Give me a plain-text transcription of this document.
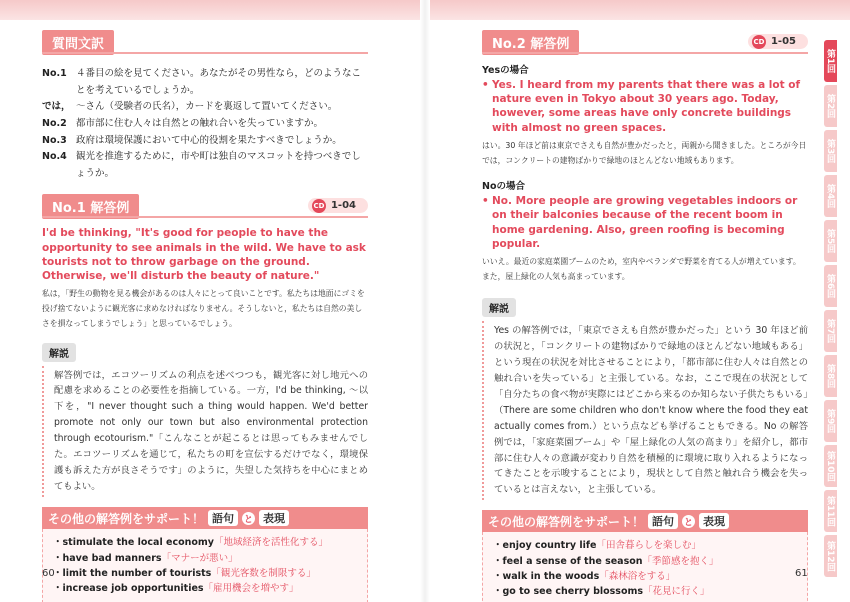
質問文訳
No.1 ４番目の絵を見てください。あなたがその男性なら，どのようなことを考えているでしょうか。
では， ～さん（受験者の氏名），カードを裏返して置いてください。
No.2 都市部に住む人々は自然との触れ合いを失っていますか。
No.3 政府は環境保護において中心的役割を果たすべきでしょうか。
No.4 観光を推進するために，市や町は独自のマスコットを持つべきでしょうか。
No.1 解答例	CD 1-04
I'd be thinking, "It's good for people to have the opportunity to see animals in the wild. We have to ask tourists not to throw garbage on the ground. Otherwise, we'll disturb the beauty of nature."
私は，「野生の動物を見る機会があるのは人々にとって良いことです。私たちは地面にゴミを投げ捨てないように観光客に求めなければなりません。そうしないと，私たちは自然の美しさを損なってしまうでしょう」と思っているでしょう。
解説
解答例では，エコツーリズムの利点を述べつつも，観光客に対し地元への配慮を求めることの必要性を指摘している。一方，I'd be thinking, ～以下を，"I never thought such a thing would happen. We'd better promote not only our town but also environmental protection through ecotourism."「こんなことが起こるとは思ってもみませんでした。エコツーリズムを通じて，私たちの町を宣伝するだけでなく，環境保護も訴えた方が良さそうです」のように，失望した気持ちを中心にまとめてもよい。
その他の解答例をサポート！ 語句	と 表現
・stimulate the local economy「地域経済を活性化する」
・have bad manners「マナーが悪い」
・limit the number of tourists「観光客数を制限する」
・increase job opportunities「雇用機会を増やす」
60
No.2 解答例	CD 1-05
Yesの場合
• Yes. I heard from my parents that there was a lot of nature even in Tokyo about 30 years ago. Today, however, some areas have only concrete buildings with almost no green spaces.
はい。30 年ほど前は東京でさえも自然が豊かだったと，両親から聞きました。ところが今日では，コンクリートの建物ばかりで緑地のほとんどない地域もあります。
Noの場合
• No. More people are growing vegetables indoors or on their balconies because of the recent boom in home gardening. Also, green roofing is becoming popular.
いいえ。最近の家庭菜園ブームのため，室内やベランダで野菜を育てる人が増えています。また，屋上緑化の人気も高まっています。
解説
Yes の解答例では，「東京でさえも自然が豊かだった」という 30 年ほど前の状況と，「コンクリートの建物ばかりで緑地のほとんどない地域もある」という現在の状況を対比させることにより，「都市部に住む人々は自然との触れ合いを失っている」と主張している。なお，ここで現在の状況として「自分たちの食べ物が実際にはどこから来るのか知らない子供たちもいる」（There are some children who don't know where the food they eat actually comes from.）という点なども挙げることもできる。No の解答例では，「家庭菜園ブーム」や「屋上緑化の人気の高まり」を紹介し，都市部に住む人々の意識が変わり自然を積極的に環境に取り入れるようになってきたことを示唆することにより，現状として自然と触れ合う機会を失っているとは言えない，と主張している。
その他の解答例をサポート！ 語句	と 表現
・enjoy country life「田舎暮らしを楽しむ」
・feel a sense of the season「季節感を抱く」
・walk in the woods「森林浴をする」
・go to see cherry blossoms「花見に行く」
61
第1回
第2回
第3回
第4回
第5回
第6回
第7回
第8回
第9回
第10回
第11回
第12回
